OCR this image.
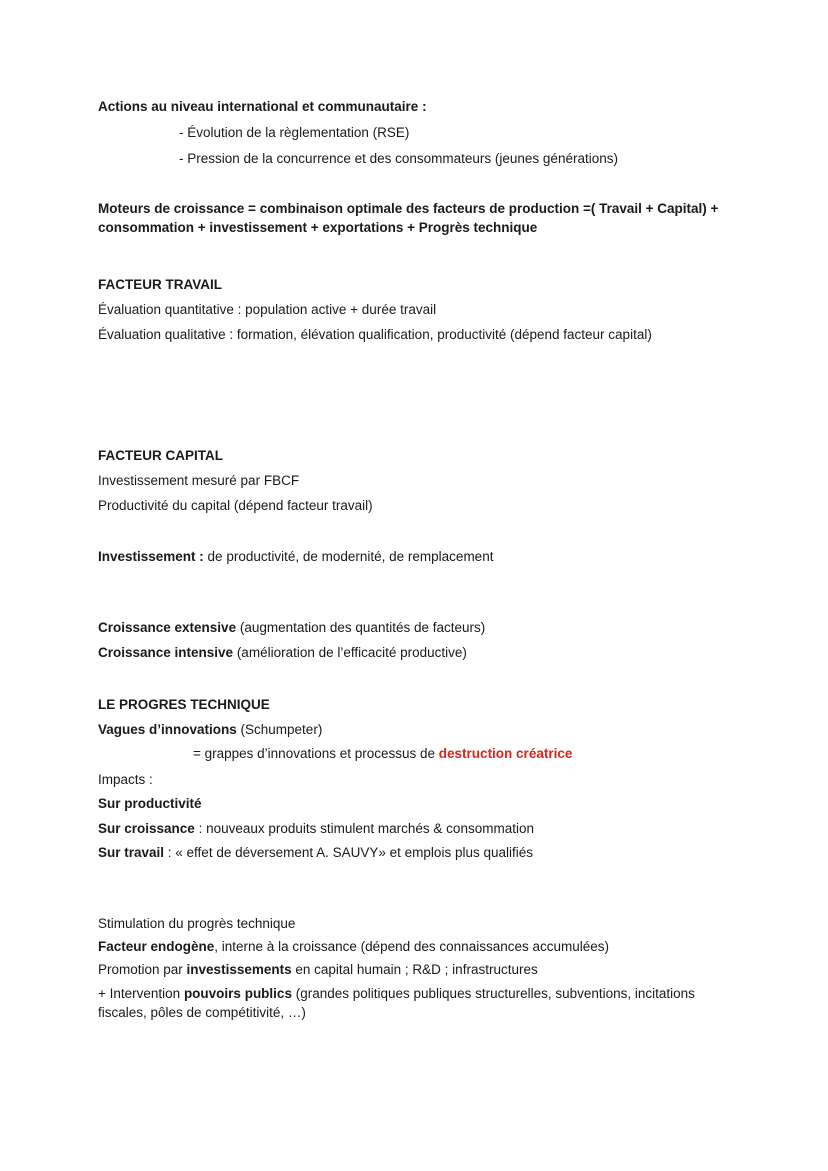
Actions au niveau international et communautaire :
- Évolution de la règlementation (RSE)
- Pression de la concurrence et des consommateurs (jeunes générations)
Moteurs de croissance = combinaison optimale des facteurs de production =( Travail + Capital) +
consommation + investissement + exportations + Progrès technique
FACTEUR TRAVAIL
Évaluation quantitative : population active + durée travail
Évaluation qualitative : formation, élévation qualification, productivité (dépend facteur capital)
FACTEUR CAPITAL
Investissement mesuré par FBCF
Productivité du capital (dépend facteur travail)
Investissement : de productivité, de modernité, de remplacement
Croissance extensive (augmentation des quantités de facteurs)
Croissance intensive (amélioration de l’efficacité productive)
LE PROGRES TECHNIQUE
Vagues d’innovations (Schumpeter)
= grappes d’innovations et processus de destruction créatrice
Impacts :
Sur productivité
Sur croissance : nouveaux produits stimulent marchés & consommation
Sur travail : « effet de déversement A. SAUVY» et emplois plus qualifiés
Stimulation du progrès technique
Facteur endogène, interne à la croissance (dépend des connaissances accumulées)
Promotion par investissements en capital humain ; R&D ; infrastructures
+ Intervention pouvoirs publics (grandes politiques publiques structurelles, subventions, incitations fiscales, pôles de compétitivité, …)
